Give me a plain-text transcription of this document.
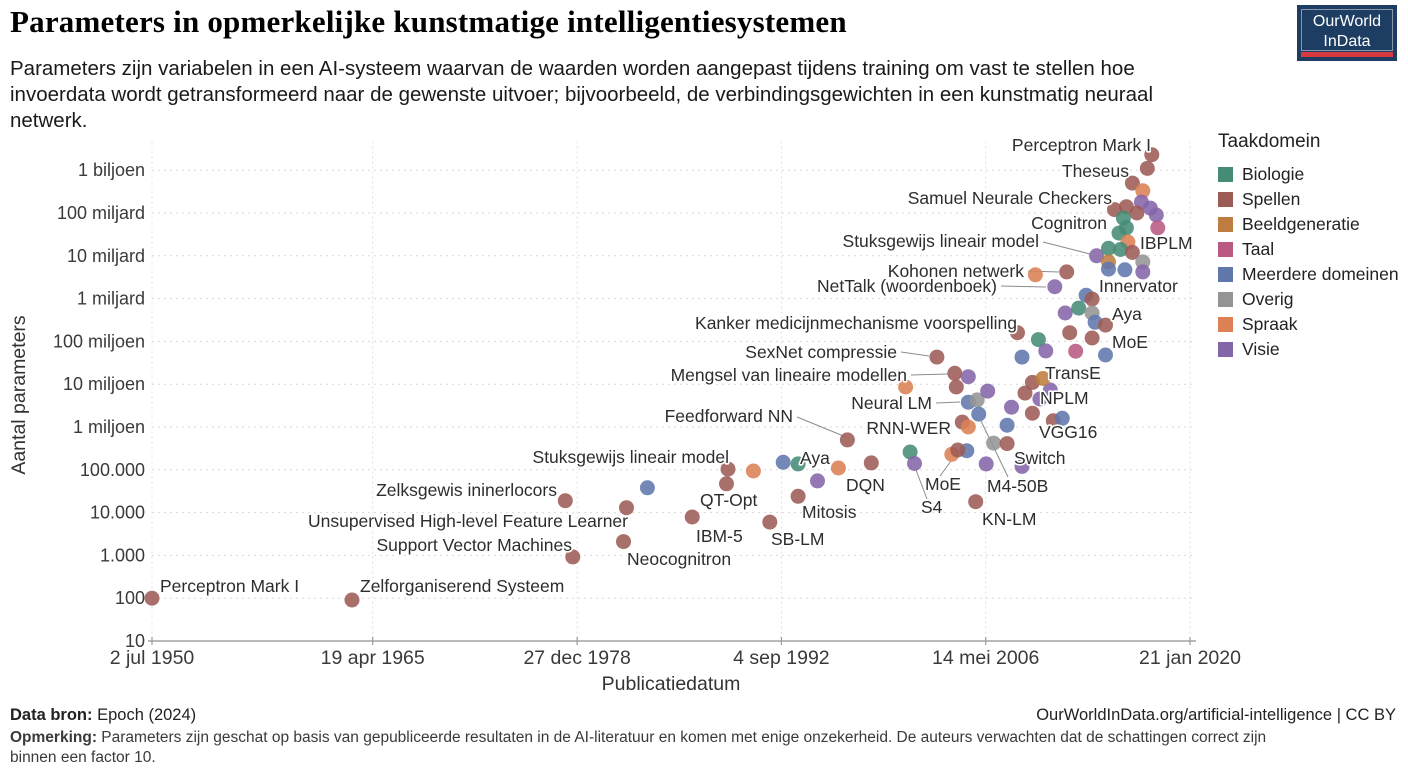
1 biljoen
100 miljard
10 miljard
1 miljard
100 miljoen
10 miljoen
1 miljoen
100.000
10.000
1.000
100
10
2 jul 1950	19 apr 1965	27 dec 1978	4 sep 1992	14 mei 2006	21 jan 2020
Publicatiedatum
Aantal parameters
Perceptron Mark I	Zelforganiserend Systeem
Support Vector Machines
Unsupervised High-level Feature Learner
Zelksgewis ininerlocors
Stuksgewijs lineair model
Neocognitron
IBM-5
QT-Opt
SB-LM
Mitosis
Aya
DQN
Feedforward NN
MoE
S4
M4-50B
KN-LM
Switch
VGG16
NPLM
TransE
Neural LM
RNN-WER
Mengsel van lineaire modellen
SexNet compressie
Kanker medicijnmechanisme voorspelling
NetTalk (woordenboek)
Kohonen netwerk
Stuksgewijs lineair model
Cognitron
Samuel Neurale Checkers
Theseus
Perceptron Mark I
IBPLM
Innervator
Aya
MoE
Parameters in opmerkelijke kunstmatige intelligentiesystemen
Parameters zijn variabelen in een AI-systeem waarvan de waarden worden aangepast tijdens training om vast te stellen hoe
invoerdata wordt getransformeerd naar de gewenste uitvoer; bijvoorbeeld, de verbindingsgewichten in een kunstmatig neuraal
netwerk.
OurWorld
InData
Taakdomein
Biologie
Spellen
Beeldgeneratie
Taal
Meerdere domeinen
Overig
Spraak
Visie
Data bron: Epoch (2024)	OurWorldInData.org/artificial-intelligence | CC BY
Opmerking: Parameters zijn geschat op basis van gepubliceerde resultaten in de AI-literatuur en komen met enige onzekerheid. De auteurs verwachten dat de schattingen correct zijn
binnen een factor 10.
